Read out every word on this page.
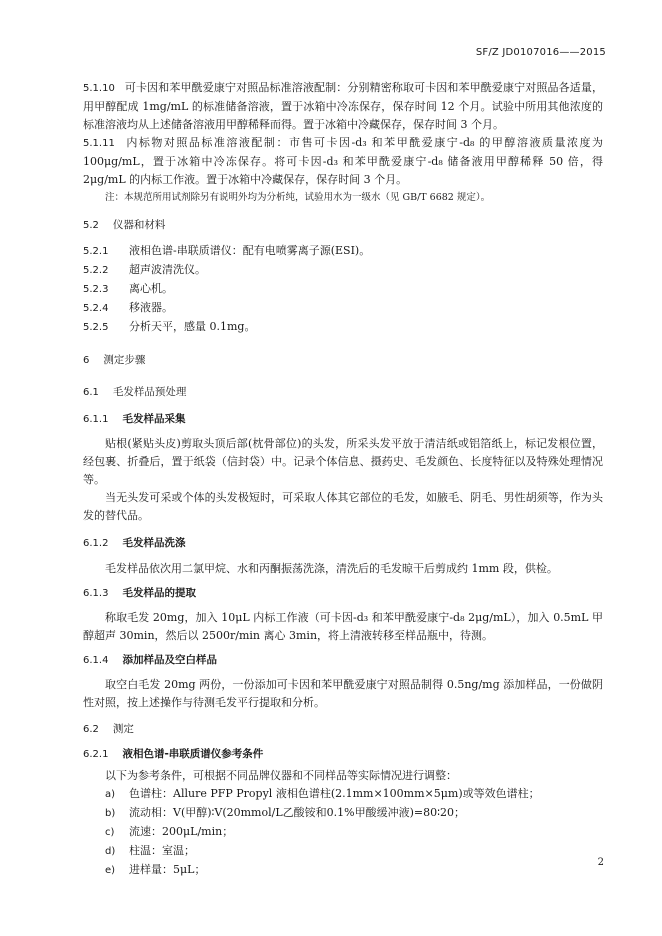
SF/Z JD0107016——2015

5.1.10 可卡因和苯甲酰爱康宁对照品标准溶液配制：分别精密称取可卡因和苯甲酰爱康宁对照品各适量，用甲醇配成 1mg/mL 的标准储备溶液，置于冰箱中冷冻保存，保存时间 12 个月。试验中所用其他浓度的标准溶液均从上述储备溶液用甲醇稀释而得。置于冰箱中冷藏保存，保存时间 3 个月。

5.1.11 内标物对照品标准溶液配制：市售可卡因-d₃ 和苯甲酰爱康宁-d₈ 的甲醇溶液质量浓度为 100μg/mL，置于冰箱中冷冻保存。将可卡因-d₃ 和苯甲酰爱康宁-d₈ 储备液用甲醇稀释 50 倍，得 2μg/mL 的内标工作液。置于冰箱中冷藏保存，保存时间 3 个月。

注：本规范所用试剂除另有说明外均为分析纯，试验用水为一级水（见 GB/T 6682 规定）。

5.2 仪器和材料

5.2.1 液相色谱-串联质谱仪：配有电喷雾离子源(ESI)。

5.2.2 超声波清洗仪。

5.2.3 离心机。

5.2.4 移液器。

5.2.5 分析天平，感量 0.1mg。

6 测定步骤

6.1 毛发样品预处理

6.1.1 毛发样品采集

贴根(紧贴头皮)剪取头顶后部(枕骨部位)的头发，所采头发平放于清洁纸或铝箔纸上，标记发根位置，经包裹、折叠后，置于纸袋（信封袋）中。记录个体信息、摄药史、毛发颜色、长度特征以及特殊处理情况等。

当无头发可采或个体的头发极短时，可采取人体其它部位的毛发，如腋毛、阴毛、男性胡须等，作为头发的替代品。

6.1.2 毛发样品洗涤

毛发样品依次用二氯甲烷、水和丙酮振荡洗涤，清洗后的毛发晾干后剪成约 1mm 段，供检。

6.1.3 毛发样品的提取

称取毛发 20mg，加入 10μL 内标工作液（可卡因-d₃ 和苯甲酰爱康宁-d₈ 2μg/mL），加入 0.5mL 甲醇超声 30min，然后以 2500r/min 离心 3min，将上清液转移至样品瓶中，待测。

6.1.4 添加样品及空白样品

取空白毛发 20mg 两份，一份添加可卡因和苯甲酰爱康宁对照品制得 0.5ng/mg 添加样品，一份做阴性对照，按上述操作与待测毛发平行提取和分析。

6.2 测定

6.2.1 液相色谱-串联质谱仪参考条件

以下为参考条件，可根据不同品牌仪器和不同样品等实际情况进行调整：

a) 色谱柱：Allure PFP Propyl 液相色谱柱(2.1mm×100mm×5μm)或等效色谱柱；

b) 流动相：V(甲醇)∶V(20mmol/L乙酸铵和0.1%甲酸缓冲液)=80∶20；

c) 流速：200μL/min；

d) 柱温：室温；

e) 进样量：5μL；

2
